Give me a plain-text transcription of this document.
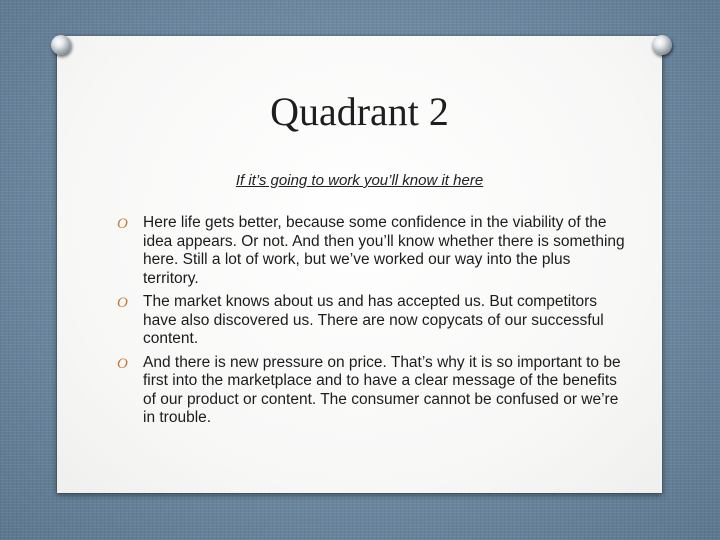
Quadrant 2
If it’s going to work you’ll know it here
O Here life gets better, because some confidence in the viability of the idea appears. Or not. And then you’ll know whether there is something here. Still a lot of work, but we’ve worked our way into the plus territory.
O The market knows about us and has accepted us. But competitors have also discovered us. There are now copycats of our successful content.
O And there is new pressure on price. That’s why it is so important to be first into the marketplace and to have a clear message of the benefits of our product or content. The consumer cannot be confused or we’re in trouble.
